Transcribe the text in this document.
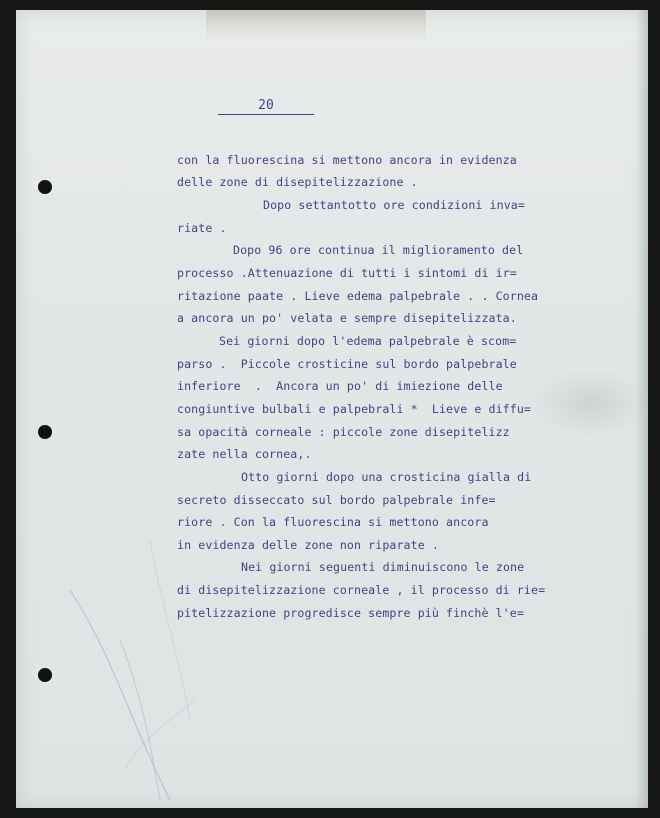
20
con la fluorescina si mettono ancora in evidenza
delle zone di disepitelizzazione .
Dopo settantotto ore condizioni inva=
riate .
Dopo 96 ore continua il miglioramento del
processo .Attenuazione di tutti i sintomi di ir=
ritazione paate . Lieve edema palpebrale . . Cornea
a ancora un po' velata e sempre disepitelizzata.
Sei giorni dopo l'edema palpebrale è scom=
parso .  Piccole crosticine sul bordo palpebrale
inferiore  .  Ancora un po' di imiezione delle
congiuntive bulbali e palpebrali *  Lieve e diffu=
sa opacità corneale : piccole zone disepitelizz
zate nella cornea,.
Otto giorni dopo una crosticina gialla di
secreto disseccato sul bordo palpebrale infe=
riore . Con la fluorescina si mettono ancora
in evidenza delle zone non riparate .
Nei giorni seguenti diminuiscono le zone
di disepitelizzazione corneale , il processo di rie=
pitelizzazione progredisce sempre più finchè l'e=
